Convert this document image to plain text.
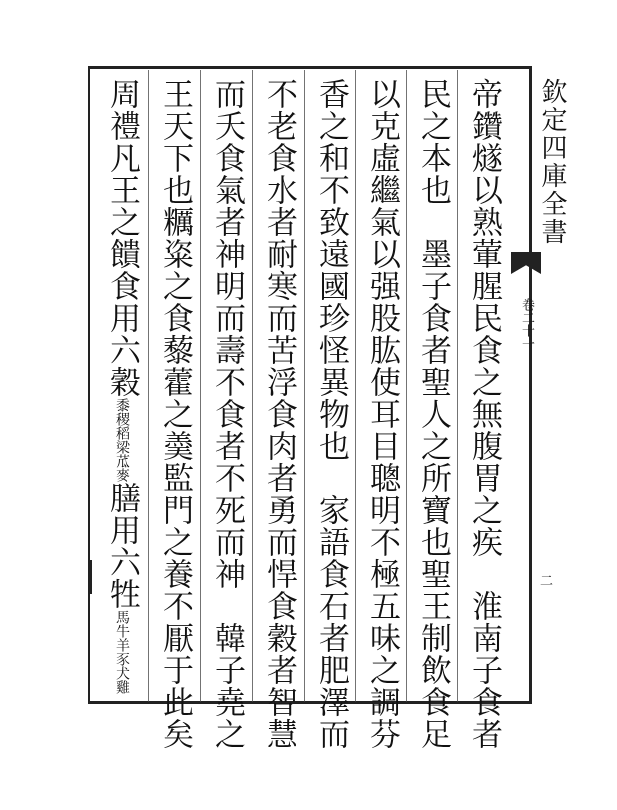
欽定四庫全書
卷二十一
二
帝鑽燧以熟葷腥民食之無腹胃之疾　淮南子食者
民之本也　墨子食者聖人之所寶也聖王制飲食足
以克虛繼氣以强股肱使耳目聰明不極五味之調芬
香之和不致遠國珍怪異物也　家語食石者肥澤而
不老食水者耐寒而苦浮食肉者勇而悍食穀者智慧
而夭食氣者神明而壽不食者不死而神　韓子堯之
王天下也糲粢之食藜藿之羮監門之養不厭于此矣
周禮凡王之饋食用六穀黍稷稻梁苽麥膳用六牲馬牛羊豕犬雞
